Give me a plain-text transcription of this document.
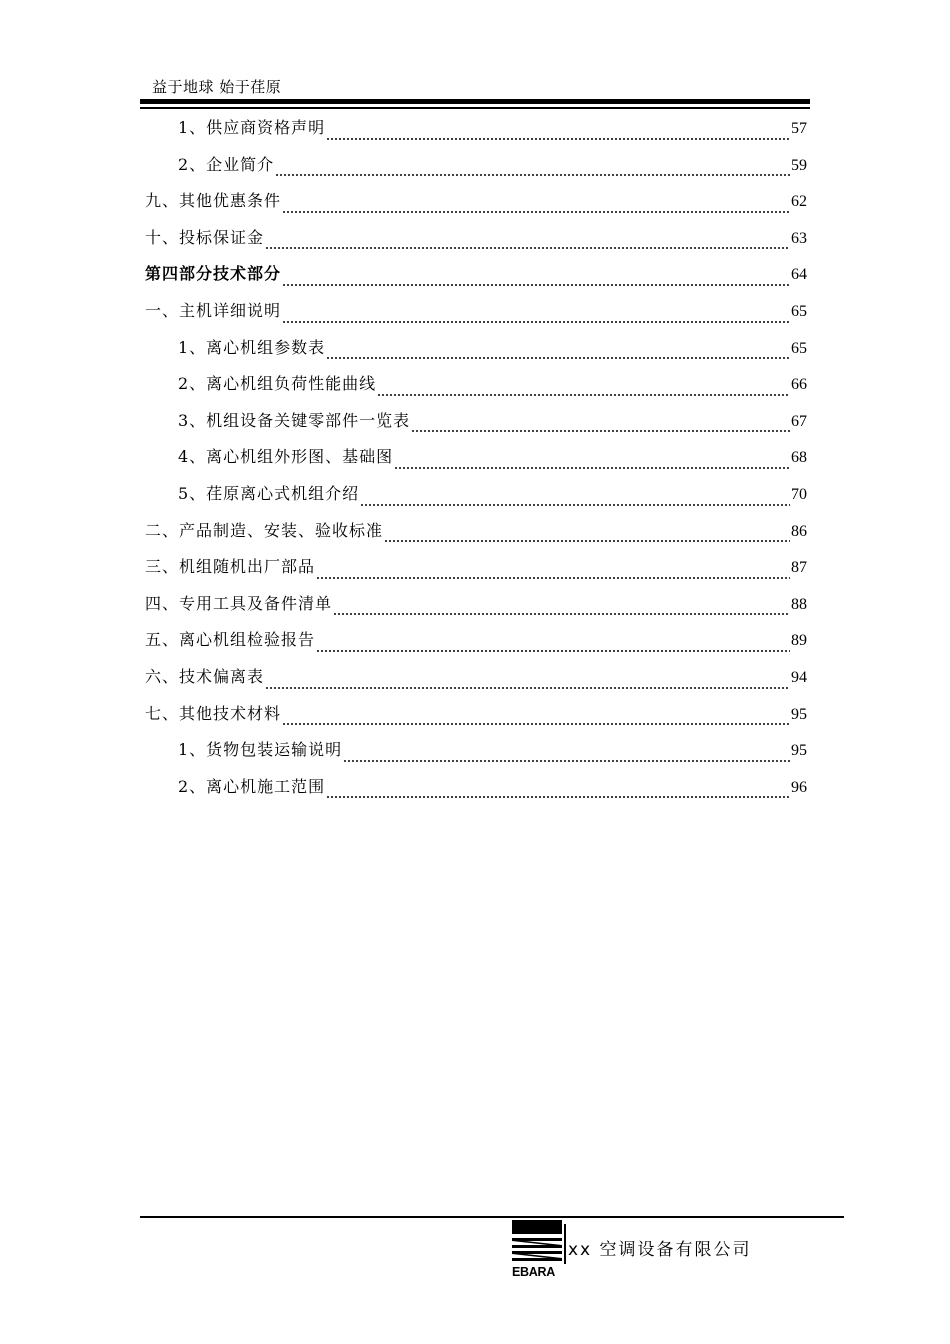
益于地球 始于荏原
1、供应商资格声明	57
2、企业简介	59
九、其他优惠条件	62
十、投标保证金	63
第四部分技术部分	64
一、主机详细说明	65
1、离心机组参数表	65
2、离心机组负荷性能曲线	66
3、机组设备关键零部件一览表	67
4、离心机组外形图、基础图	68
5、荏原离心式机组介绍	70
二、产品制造、安装、验收标准	86
三、机组随机出厂部品	87
四、专用工具及备件清单	88
五、离心机组检验报告	89
六、技术偏离表	94
七、其他技术材料	95
1、货物包装运输说明	95
2、离心机施工范围	96
EBARA
xx 空调设备有限公司
